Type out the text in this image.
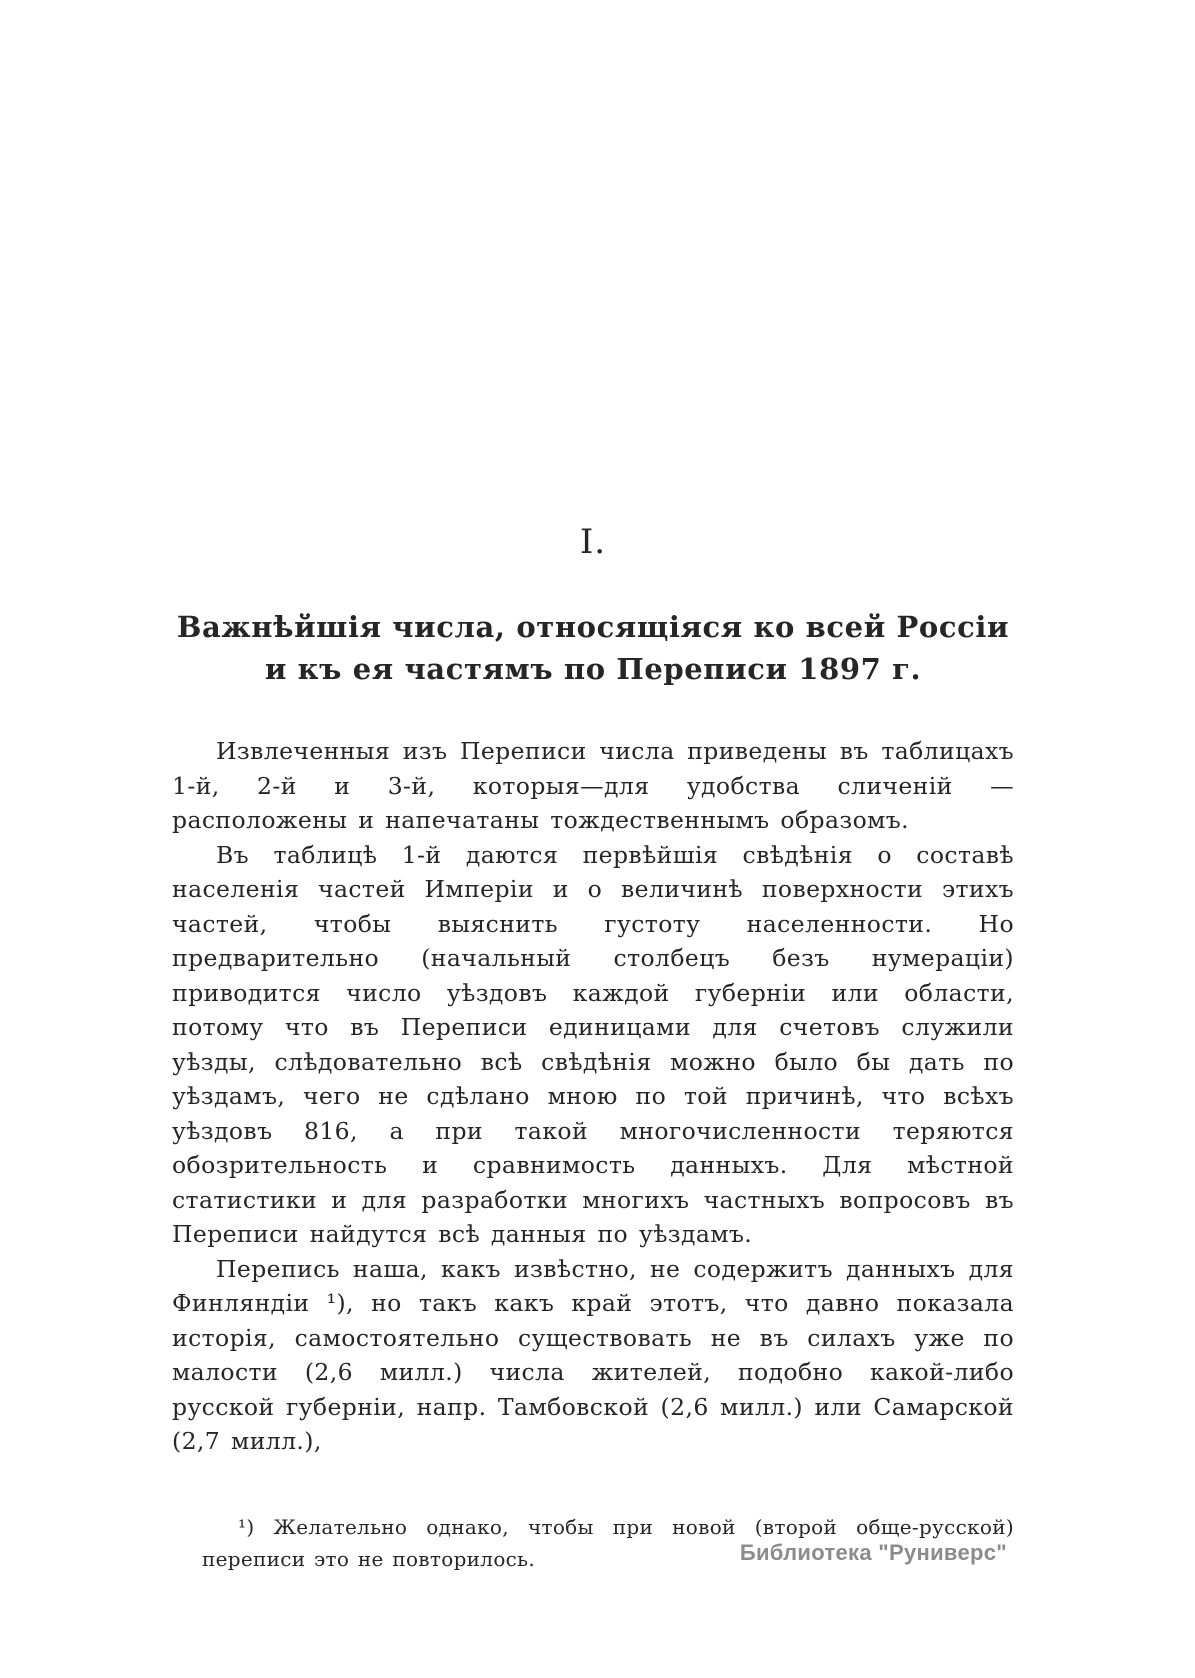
I.
Важнѣйшія числа, относящіяся ко всей Россіи
и къ ея частямъ по Переписи 1897 г.

Извлеченныя изъ Переписи числа приведены въ таблицахъ 1-й, 2-й и 3-й, которыя—для удобства сличеній — расположены и напечатаны тождественнымъ образомъ.

Въ таблицѣ 1-й даются первѣйшія свѣдѣнія о составѣ населенія частей Имперіи и о величинѣ поверхности этихъ частей, чтобы выяснить густоту населенности. Но предварительно (начальный столбецъ безъ нумераціи) приводится число уѣздовъ каждой губерніи или области, потому что въ Переписи единицами для счетовъ служили уѣзды, слѣдовательно всѣ свѣдѣнія можно было бы дать по уѣздамъ, чего не сдѣлано мною по той причинѣ, что всѣхъ уѣздовъ 816, а при такой многочисленности теряются обозрительность и сравнимость данныхъ. Для мѣстной статистики и для разработки многихъ частныхъ вопросовъ въ Переписи найдутся всѣ данныя по уѣздамъ.

Перепись наша, какъ извѣстно, не содержитъ данныхъ для Финляндіи ¹), но такъ какъ край этотъ, что давно показала исторія, самостоятельно существовать не въ силахъ уже по малости (2,6 милл.) числа жителей, подобно какой-либо русской губерніи, напр. Тамбовской (2,6 милл.) или Самарской (2,7 милл.),

¹) Желательно однако, чтобы при новой (второй обще-русской) переписи это не повторилось.	Библиотека "Руниверс"
